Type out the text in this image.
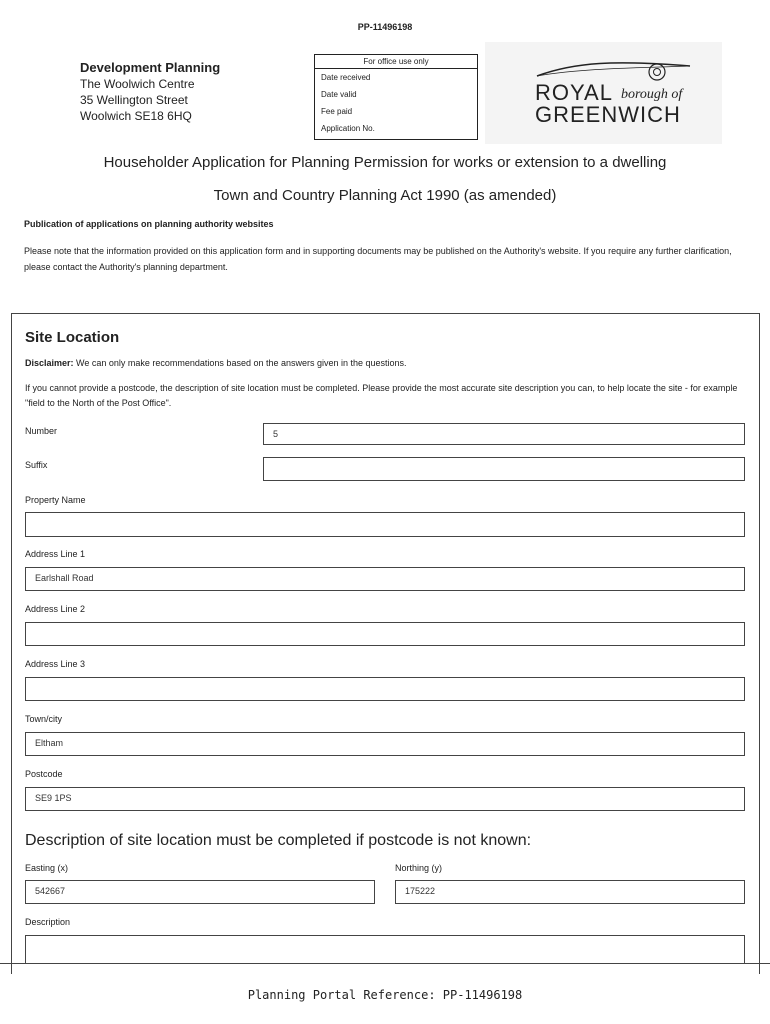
PP-11496198
Development Planning
The Woolwich Centre
35 Wellington Street
Woolwich SE18 6HQ
For office use only
Date received
Date valid
Fee paid
Application No.
ROYAL borough of
GREENWICH
Householder Application for Planning Permission for works or extension to a dwelling
Town and Country Planning Act 1990 (as amended)
Publication of applications on planning authority websites
Please note that the information provided on this application form and in supporting documents may be published on the Authority's website. If you require any further clarification, please contact the Authority's planning department.
Site Location
Disclaimer: We can only make recommendations based on the answers given in the questions.
If you cannot provide a postcode, the description of site location must be completed. Please provide the most accurate site description you can, to help locate the site - for example "field to the North of the Post Office".
Number	5
Suffix
Property Name
Address Line 1
Earlshall Road
Address Line 2
Address Line 3
Town/city
Eltham
Postcode
SE9 1PS
Description of site location must be completed if postcode is not known:
Easting (x)
542667
Northing (y)
175222
Description
Planning Portal Reference: PP-11496198
